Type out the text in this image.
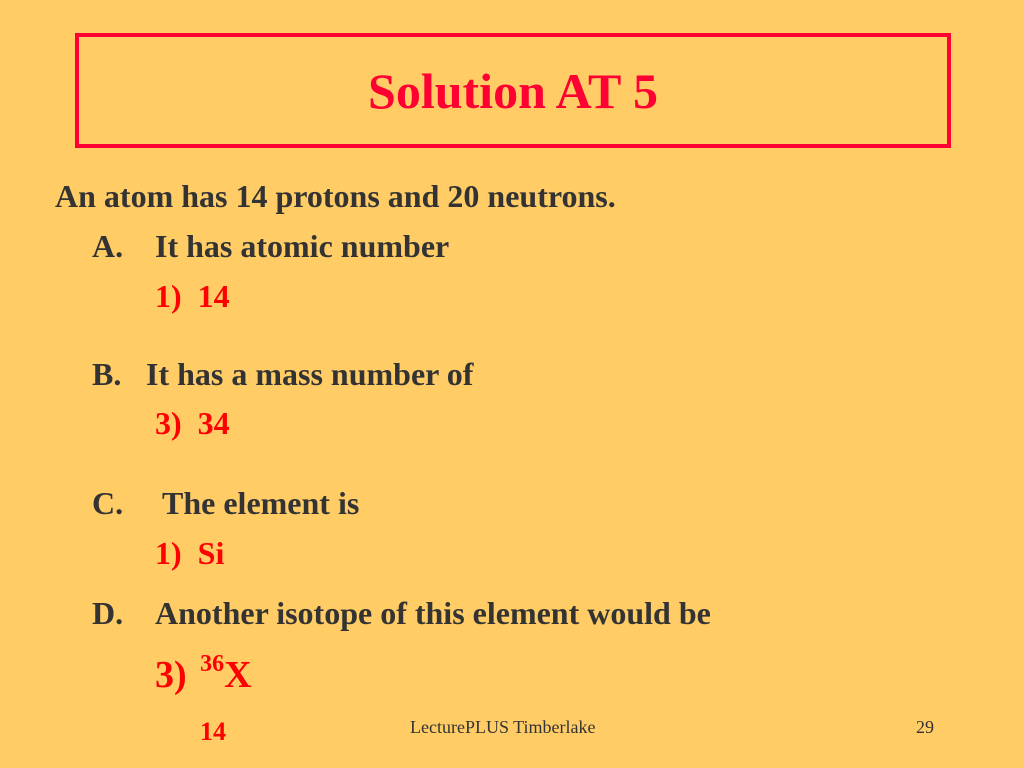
Solution AT 5
An atom has 14 protons and 20 neutrons.
A. It has atomic number
1) 14
B. It has a mass number of
3) 34
C. The element is
1) Si
D. Another isotope of this element would be
3) $^{36}$X
14	LecturePLUS Timberlake	29
